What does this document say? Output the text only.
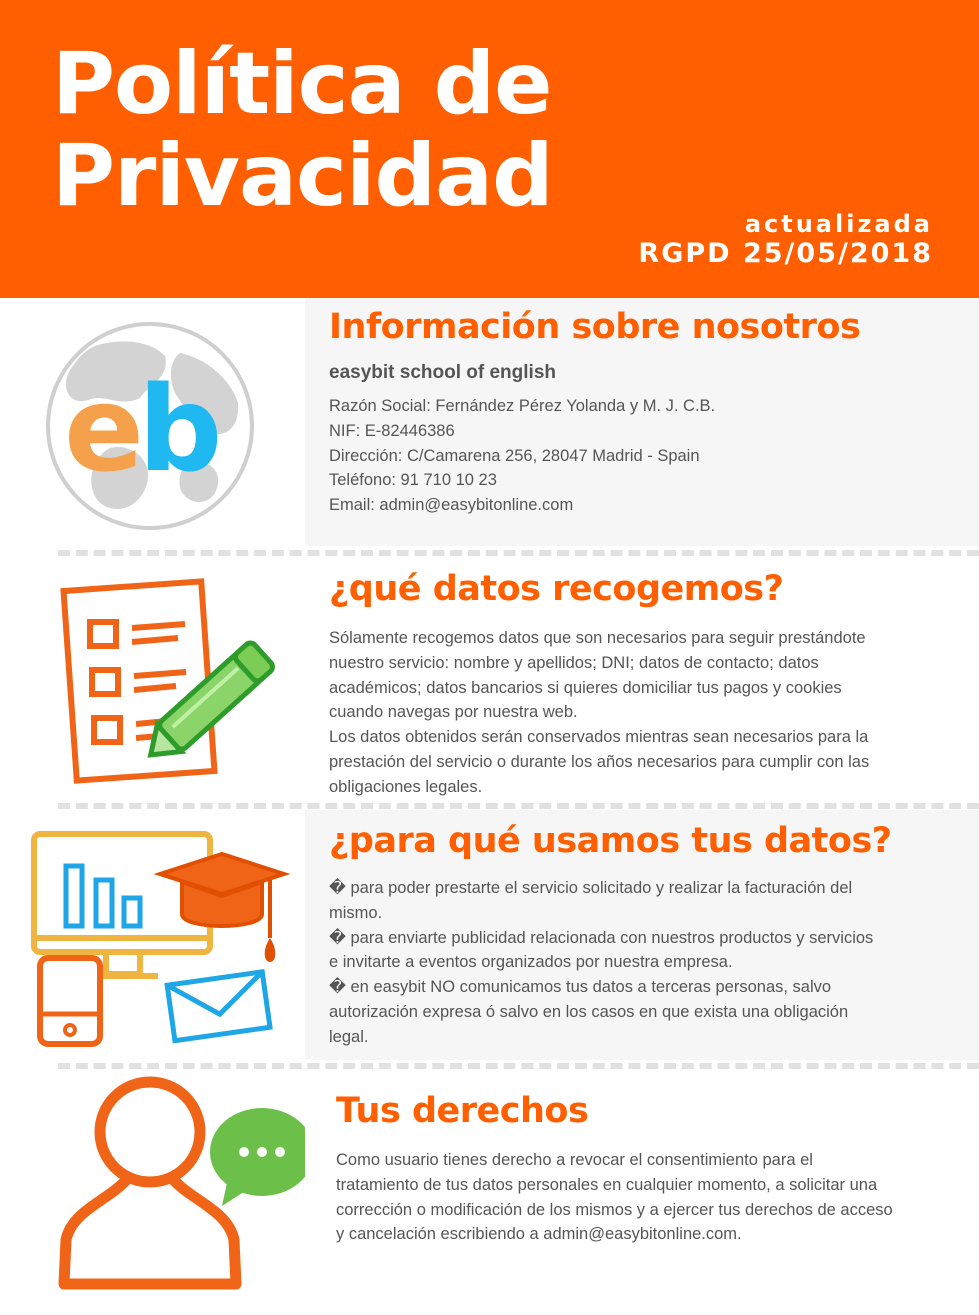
Política de
Privacidad	actualizada
RGPD 25/05/2018
e
b
Información sobre nosotros
easybit school of english

Razón Social: Fernández Pérez Yolanda y M. J. C.B.

NIF: E-82446386

Dirección: C/Camarena 256, 28047 Madrid - Spain

Teléfono: 91 710 10 23

Email: admin@easybitonline.com

¿qué datos recogemos?

Sólamente recogemos datos que son necesarios para seguir prestándote

nuestro servicio: nombre y apellidos; DNI; datos de contacto; datos

académicos; datos bancarios si quieres domiciliar tus pagos y cookies

cuando navegas por nuestra web.

Los datos obtenidos serán conservados mientras sean necesarios para la

prestación del servicio o durante los años necesarios para cumplir con las

obligaciones legales.

¿para qué usamos tus datos?

� para poder prestarte el servicio solicitado y realizar la facturación del

mismo.

� para enviarte publicidad relacionada con nuestros productos y servicios

e invitarte a eventos organizados por nuestra empresa.

� en easybit NO comunicamos tus datos a terceras personas, salvo

autorización expresa ó salvo en los casos en que exista una obligación

legal.

Tus derechos

Como usuario tienes derecho a revocar el consentimiento para el

tratamiento de tus datos personales en cualquier momento, a solicitar una

corrección o modificación de los mismos y a ejercer tus derechos de acceso

y cancelación escribiendo a admin@easybitonline.com.
